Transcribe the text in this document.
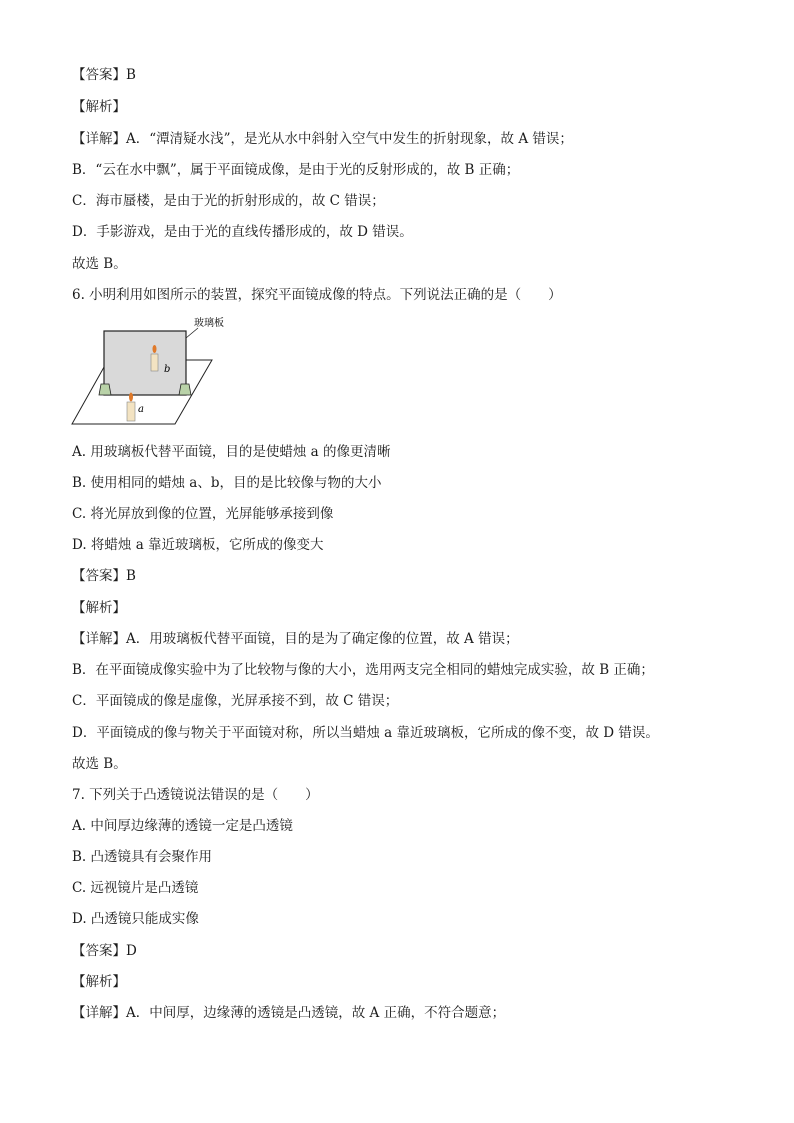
【答案】B
【解析】
【详解】A．“潭清疑水浅”，是光从水中斜射入空气中发生的折射现象，故 A 错误；
B．“云在水中飘”，属于平面镜成像，是由于光的反射形成的，故 B 正确；
C．海市蜃楼，是由于光的折射形成的，故 C 错误；
D．手影游戏，是由于光的直线传播形成的，故 D 错误。
故选 B。
6. 小明利用如图所示的装置，探究平面镜成像的特点。下列说法正确的是（　　）
玻璃板
b
a
A. 用玻璃板代替平面镜，目的是使蜡烛 a 的像更清晰
B. 使用相同的蜡烛 a、b，目的是比较像与物的大小
C. 将光屏放到像的位置，光屏能够承接到像
D. 将蜡烛 a 靠近玻璃板，它所成的像变大
【答案】B
【解析】
【详解】A．用玻璃板代替平面镜，目的是为了确定像的位置，故 A 错误；
B．在平面镜成像实验中为了比较物与像的大小，选用两支完全相同的蜡烛完成实验，故 B 正确；
C．平面镜成的像是虚像，光屏承接不到，故 C 错误；
D．平面镜成的像与物关于平面镜对称，所以当蜡烛 a 靠近玻璃板，它所成的像不变，故 D 错误。
故选 B。
7. 下列关于凸透镜说法错误的是（　　）
A. 中间厚边缘薄的透镜一定是凸透镜
B. 凸透镜具有会聚作用
C. 远视镜片是凸透镜
D. 凸透镜只能成实像
【答案】D
【解析】
【详解】A．中间厚，边缘薄的透镜是凸透镜，故 A 正确，不符合题意；
